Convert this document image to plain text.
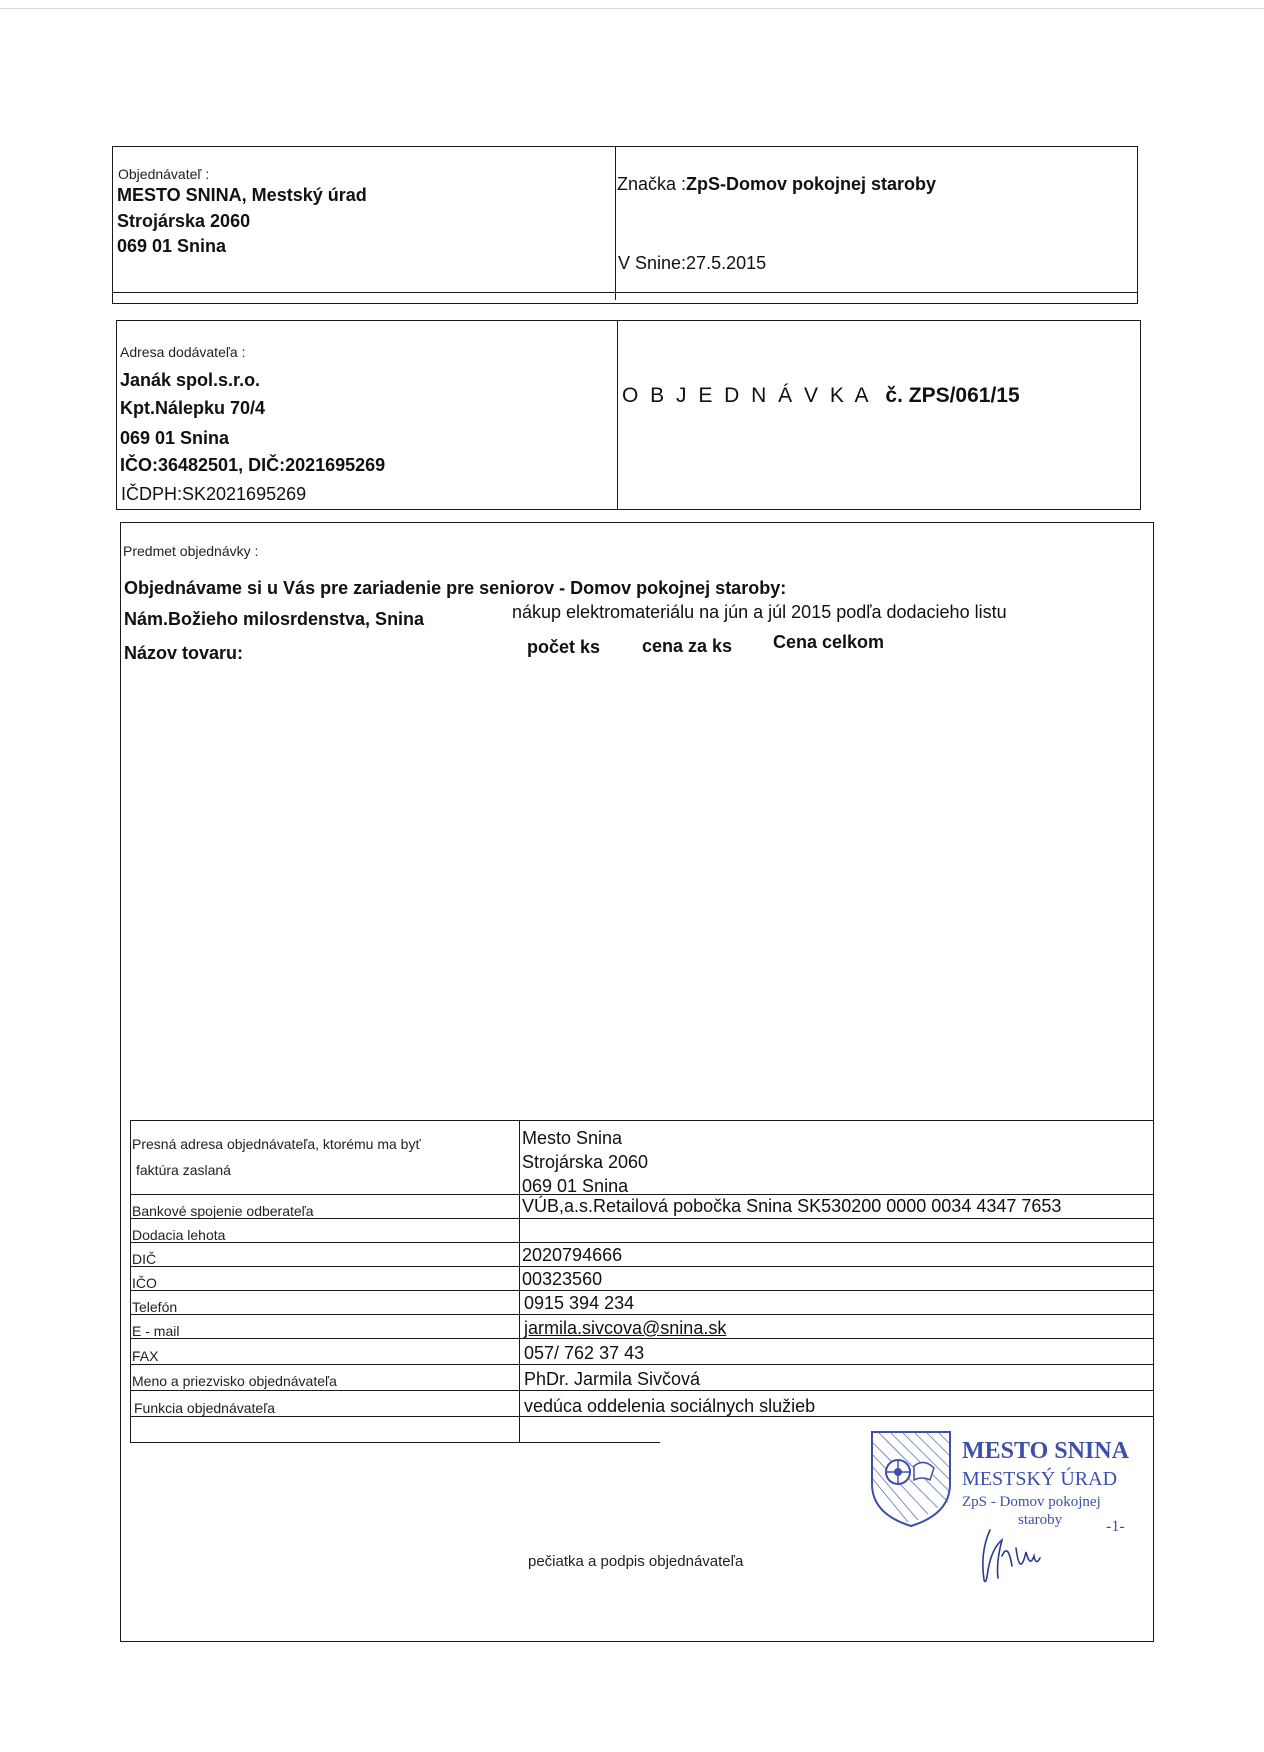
Objednávateľ :
MESTO SNINA, Mestský úrad
Strojárska 2060
069 01 Snina
Značka :ZpS-Domov pokojnej staroby
V Snine:27.5.2015
Adresa dodávateľa :
Janák spol.s.r.o.
Kpt.Nálepku 70/4
069 01 Snina
IČO:36482501, DIČ:2021695269
IČDPH:SK2021695269
O B J E D N Á V K A č. ZPS/061/15
Predmet objednávky :
Objednávame si u Vás pre zariadenie pre seniorov - Domov pokojnej staroby:
Nám.Božieho milosrdenstva, Snina	nákup elektromateriálu na jún a júl 2015 podľa dodacieho listu
Názov tovaru:	počet ks cena za ks Cena celkom
Presná adresa objednávateľa, ktorému ma byť
faktúra zaslaná
Mesto Snina
Strojárska 2060
069 01 Snina
Bankové spojenie odberateľa	VÚB,a.s.Retailová pobočka Snina SK530200 0000 0034 4347 7653
Dodacia lehota
DIČ	2020794666
IČO	00323560
Telefón	0915 394 234
E - mail	jarmila.sivcova@snina.sk
FAX	057/ 762 37 43
Meno a priezvisko objednávateľa	PhDr. Jarmila Sivčová
Funkcia objednávateľa	vedúca oddelenia sociálnych služieb
MESTO SNINA
MESTSKÝ ÚRAD
ZpS - Domov pokojnej
staroby	-1-
pečiatka a podpis objednávateľa
